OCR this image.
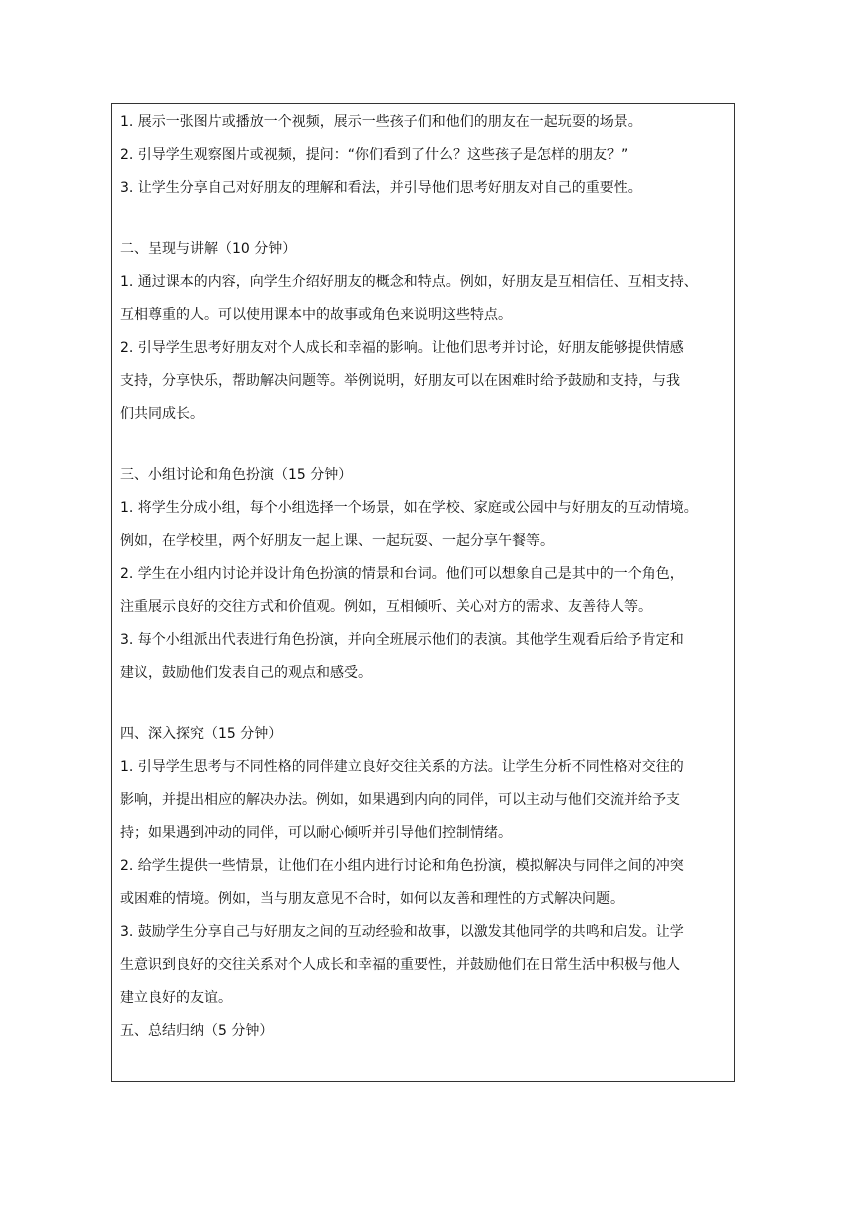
1. 展示一张图片或播放一个视频，展示一些孩子们和他们的朋友在一起玩耍的场景。
2. 引导学生观察图片或视频，提问：“你们看到了什么？这些孩子是怎样的朋友？”
3. 让学生分享自己对好朋友的理解和看法，并引导他们思考好朋友对自己的重要性。
二、呈现与讲解（10 分钟）
1. 通过课本的内容，向学生介绍好朋友的概念和特点。例如，好朋友是互相信任、互相支持、
互相尊重的人。可以使用课本中的故事或角色来说明这些特点。
2. 引导学生思考好朋友对个人成长和幸福的影响。让他们思考并讨论，好朋友能够提供情感
支持，分享快乐，帮助解决问题等。举例说明，好朋友可以在困难时给予鼓励和支持，与我
们共同成长。
三、小组讨论和角色扮演（15 分钟）
1. 将学生分成小组，每个小组选择一个场景，如在学校、家庭或公园中与好朋友的互动情境。
例如，在学校里，两个好朋友一起上课、一起玩耍、一起分享午餐等。
2. 学生在小组内讨论并设计角色扮演的情景和台词。他们可以想象自己是其中的一个角色，
注重展示良好的交往方式和价值观。例如，互相倾听、关心对方的需求、友善待人等。
3. 每个小组派出代表进行角色扮演，并向全班展示他们的表演。其他学生观看后给予肯定和
建议，鼓励他们发表自己的观点和感受。
四、深入探究（15 分钟）
1. 引导学生思考与不同性格的同伴建立良好交往关系的方法。让学生分析不同性格对交往的
影响，并提出相应的解决办法。例如，如果遇到内向的同伴，可以主动与他们交流并给予支
持；如果遇到冲动的同伴，可以耐心倾听并引导他们控制情绪。
2. 给学生提供一些情景，让他们在小组内进行讨论和角色扮演，模拟解决与同伴之间的冲突
或困难的情境。例如，当与朋友意见不合时，如何以友善和理性的方式解决问题。
3. 鼓励学生分享自己与好朋友之间的互动经验和故事，以激发其他同学的共鸣和启发。让学
生意识到良好的交往关系对个人成长和幸福的重要性，并鼓励他们在日常生活中积极与他人
建立良好的友谊。
五、总结归纳（5 分钟）
